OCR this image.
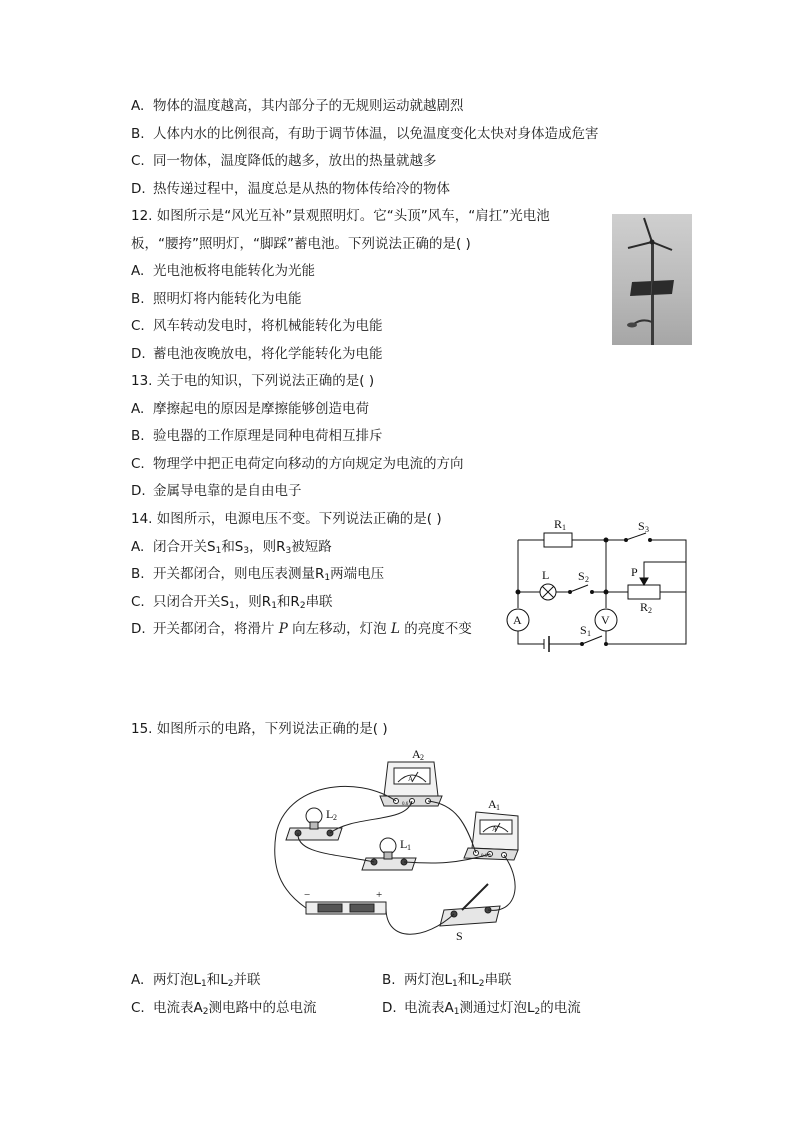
A. 物体的温度越高，其内部分子的无规则运动就越剧烈
B. 人体内水的比例很高，有助于调节体温，以免温度变化太快对身体造成危害
C. 同一物体，温度降低的越多，放出的热量就越多
D. 热传递过程中，温度总是从热的物体传给冷的物体
12. 如图所示是“风光互补”景观照明灯。它“头顶”风车，“肩扛”光电池
板，“腰挎”照明灯，“脚踩”蓄电池。下列说法正确的是( )
A. 光电池板将电能转化为光能
B. 照明灯将内能转化为电能
C. 风车转动发电时，将机械能转化为电能
D. 蓄电池夜晚放电，将化学能转化为电能
13. 关于电的知识，下列说法正确的是( )
A. 摩擦起电的原因是摩擦能够创造电荷
B. 验电器的工作原理是同种电荷相互排斥
C. 物理学中把正电荷定向移动的方向规定为电流的方向
D. 金属导电靠的是自由电子
14. 如图所示，电源电压不变。下列说法正确的是( )
A. 闭合开关$S_1$和$S_3$，则$R_3$被短路
B. 开关都闭合，则电压表测量$R_1$两端电压
C. 只闭合开关$S_1$，则$R_1$和$R_2$串联
D. 开关都闭合，将滑片 P 向左移动，灯泡 L 的亮度不变
R 1	S 3
L S 2
P
R 2
A	V
S 1
15. 如图所示的电路，下列说法正确的是( )
A 2
A 1
L 2
L 1
S
−	+
A
A
0.6 3
0.6 3
A. 两灯泡$L_1$和$L_2$并联	B. 两灯泡$L_1$和$L_2$串联
C. 电流表$A_2$测电路中的总电流	D. 电流表$A_1$测通过灯泡$L_2$的电流
